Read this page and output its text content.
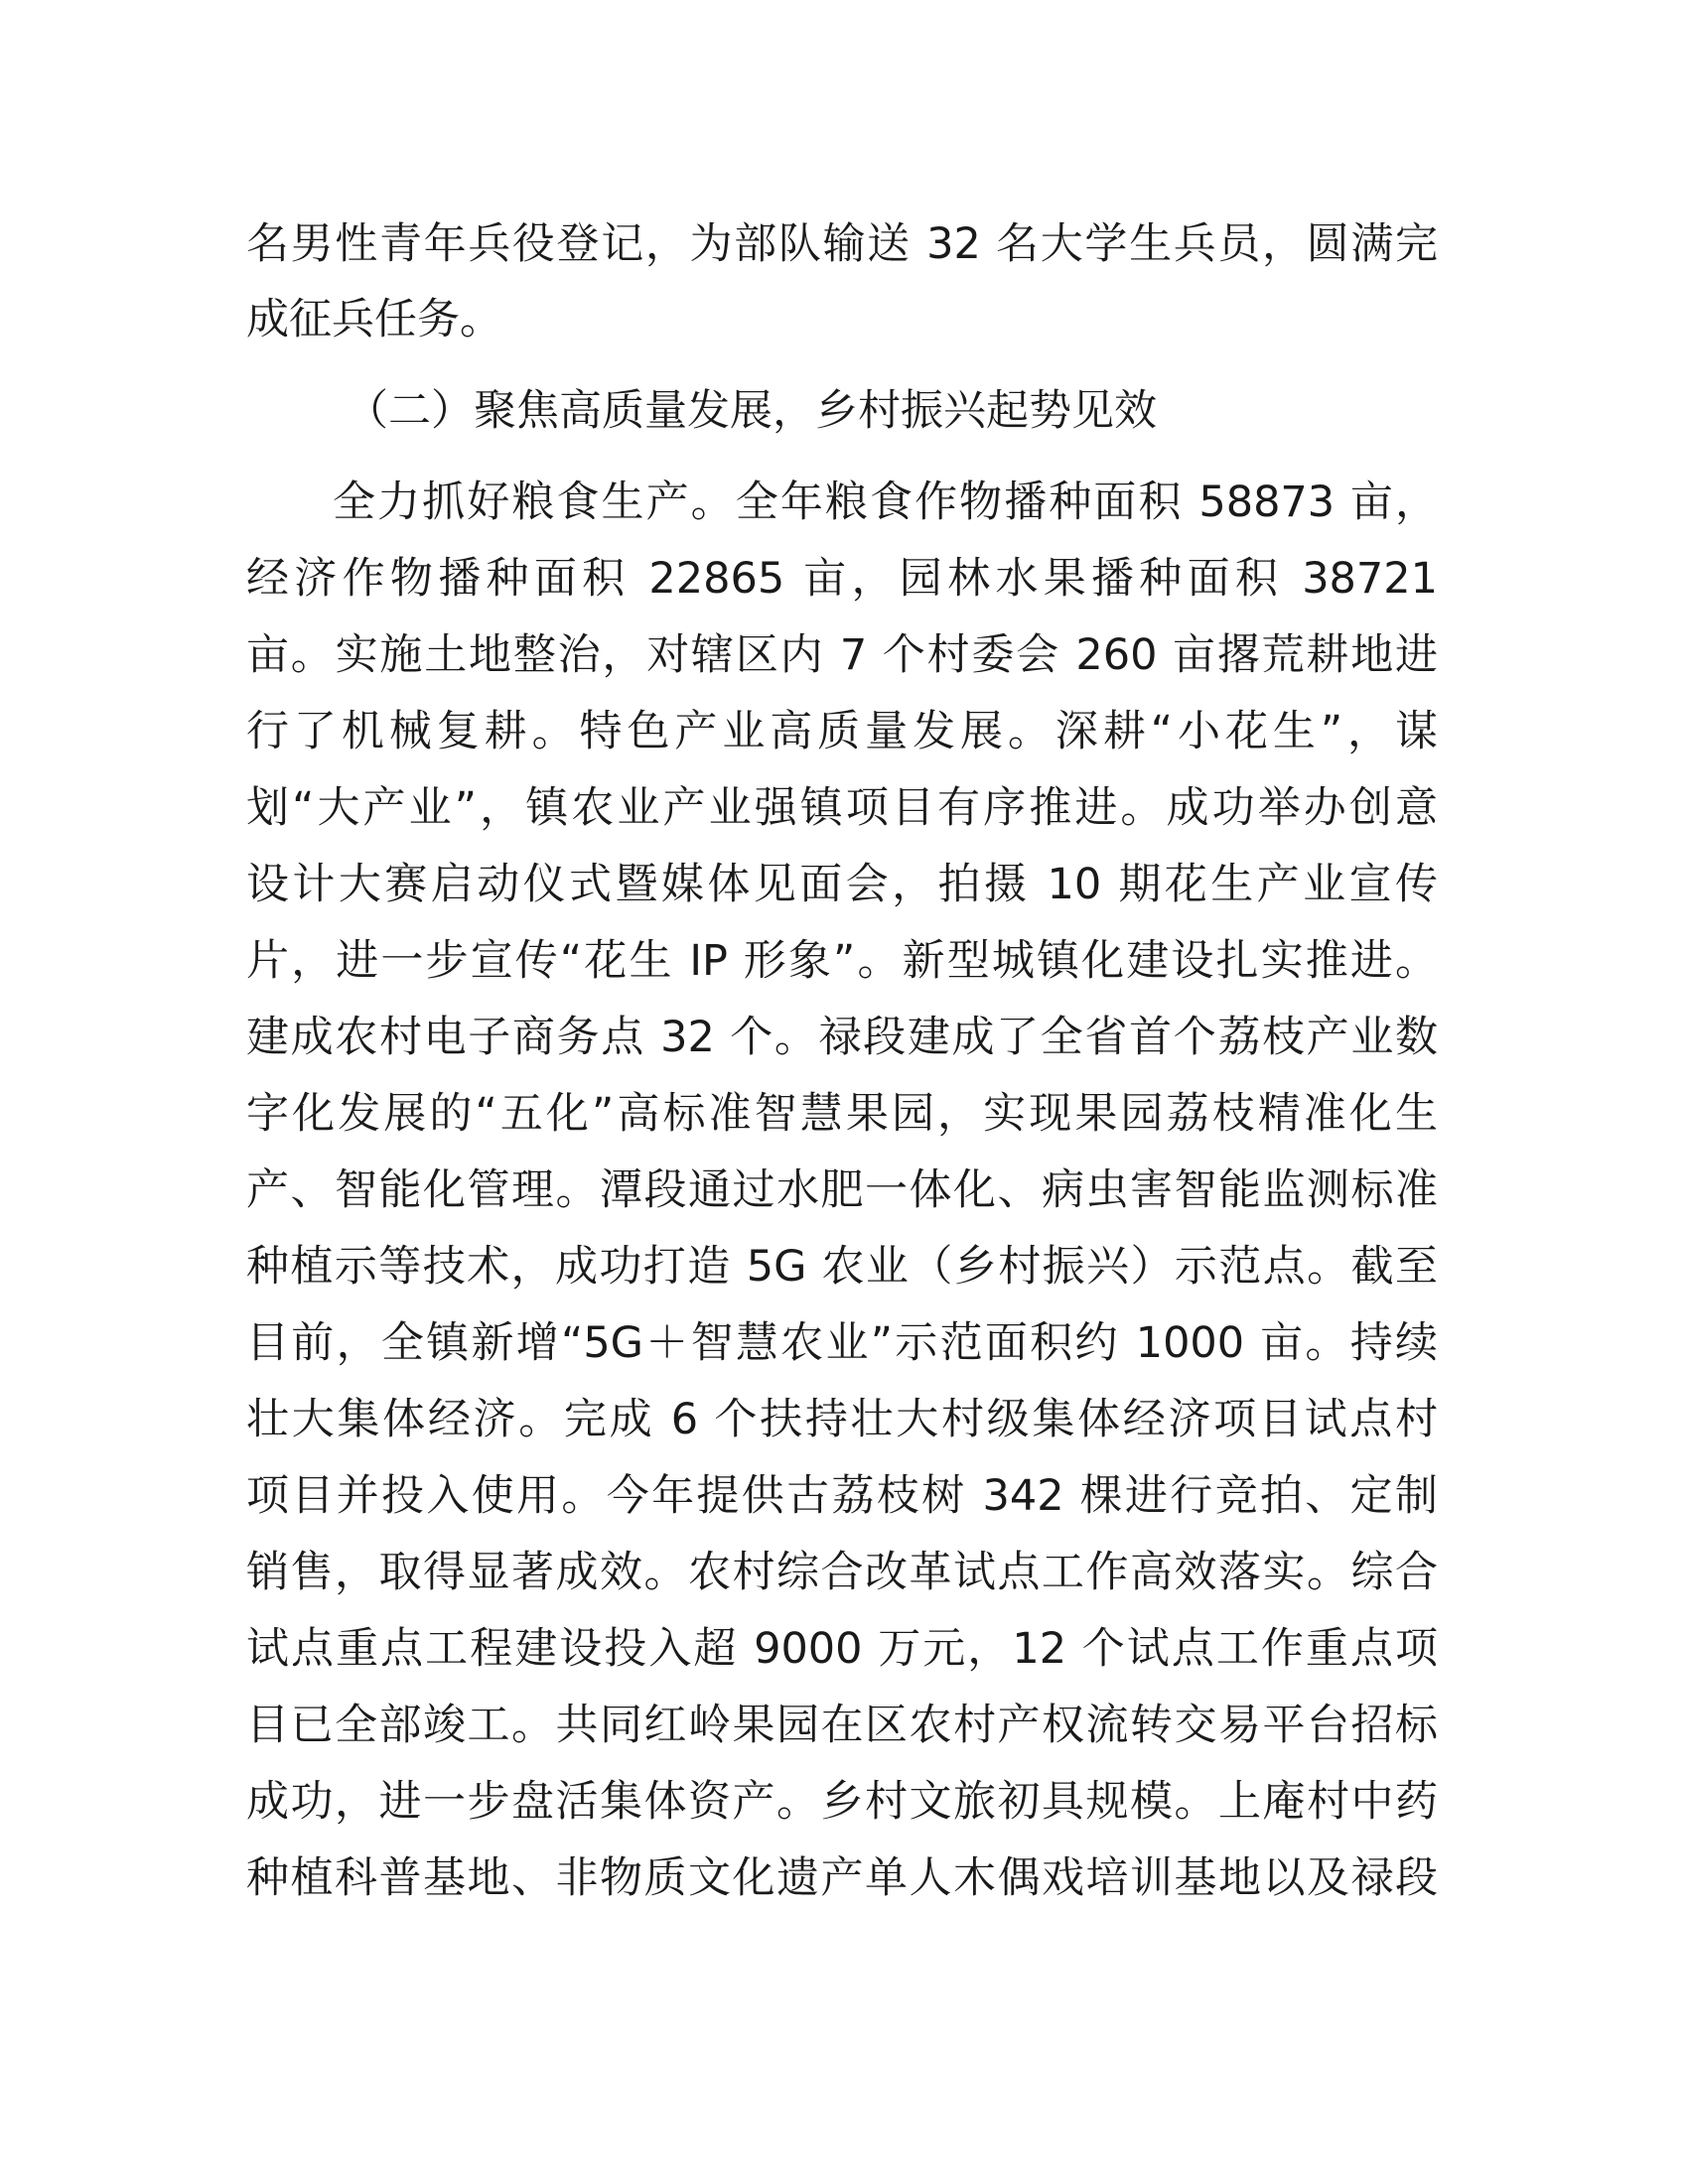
名男性青年兵役登记，为部队输送 32 名大学生兵员，圆满完
成征兵任务。
（二）聚焦高质量发展，乡村振兴起势见效
全力抓好粮食生产。全年粮食作物播种面积 58873 亩，
经济作物播种面积 22865 亩，园林水果播种面积 38721
亩。实施土地整治，对辖区内 7 个村委会 260 亩撂荒耕地进
行了机械复耕。特色产业高质量发展。深耕“小花生”，谋
划“大产业”，镇农业产业强镇项目有序推进。成功举办创意
设计大赛启动仪式暨媒体见面会，拍摄 10 期花生产业宣传
片，进一步宣传“花生 IP 形象”。新型城镇化建设扎实推进。
建成农村电子商务点 32 个。禄段建成了全省首个荔枝产业数
字化发展的“五化”高标准智慧果园，实现果园荔枝精准化生
产、智能化管理。潭段通过水肥一体化、病虫害智能监测标准
种植示等技术，成功打造 5G 农业（乡村振兴）示范点。截至
目前，全镇新增“5G＋智慧农业”示范面积约 1000 亩。持续
壮大集体经济。完成 6 个扶持壮大村级集体经济项目试点村
项目并投入使用。今年提供古荔枝树 342 棵进行竞拍、定制
销售，取得显著成效。农村综合改革试点工作高效落实。综合
试点重点工程建设投入超 9000 万元，12 个试点工作重点项
目已全部竣工。共同红岭果园在区农村产权流转交易平台招标
成功，进一步盘活集体资产。乡村文旅初具规模。上庵村中药
种植科普基地、非物质文化遗产单人木偶戏培训基地以及禄段
